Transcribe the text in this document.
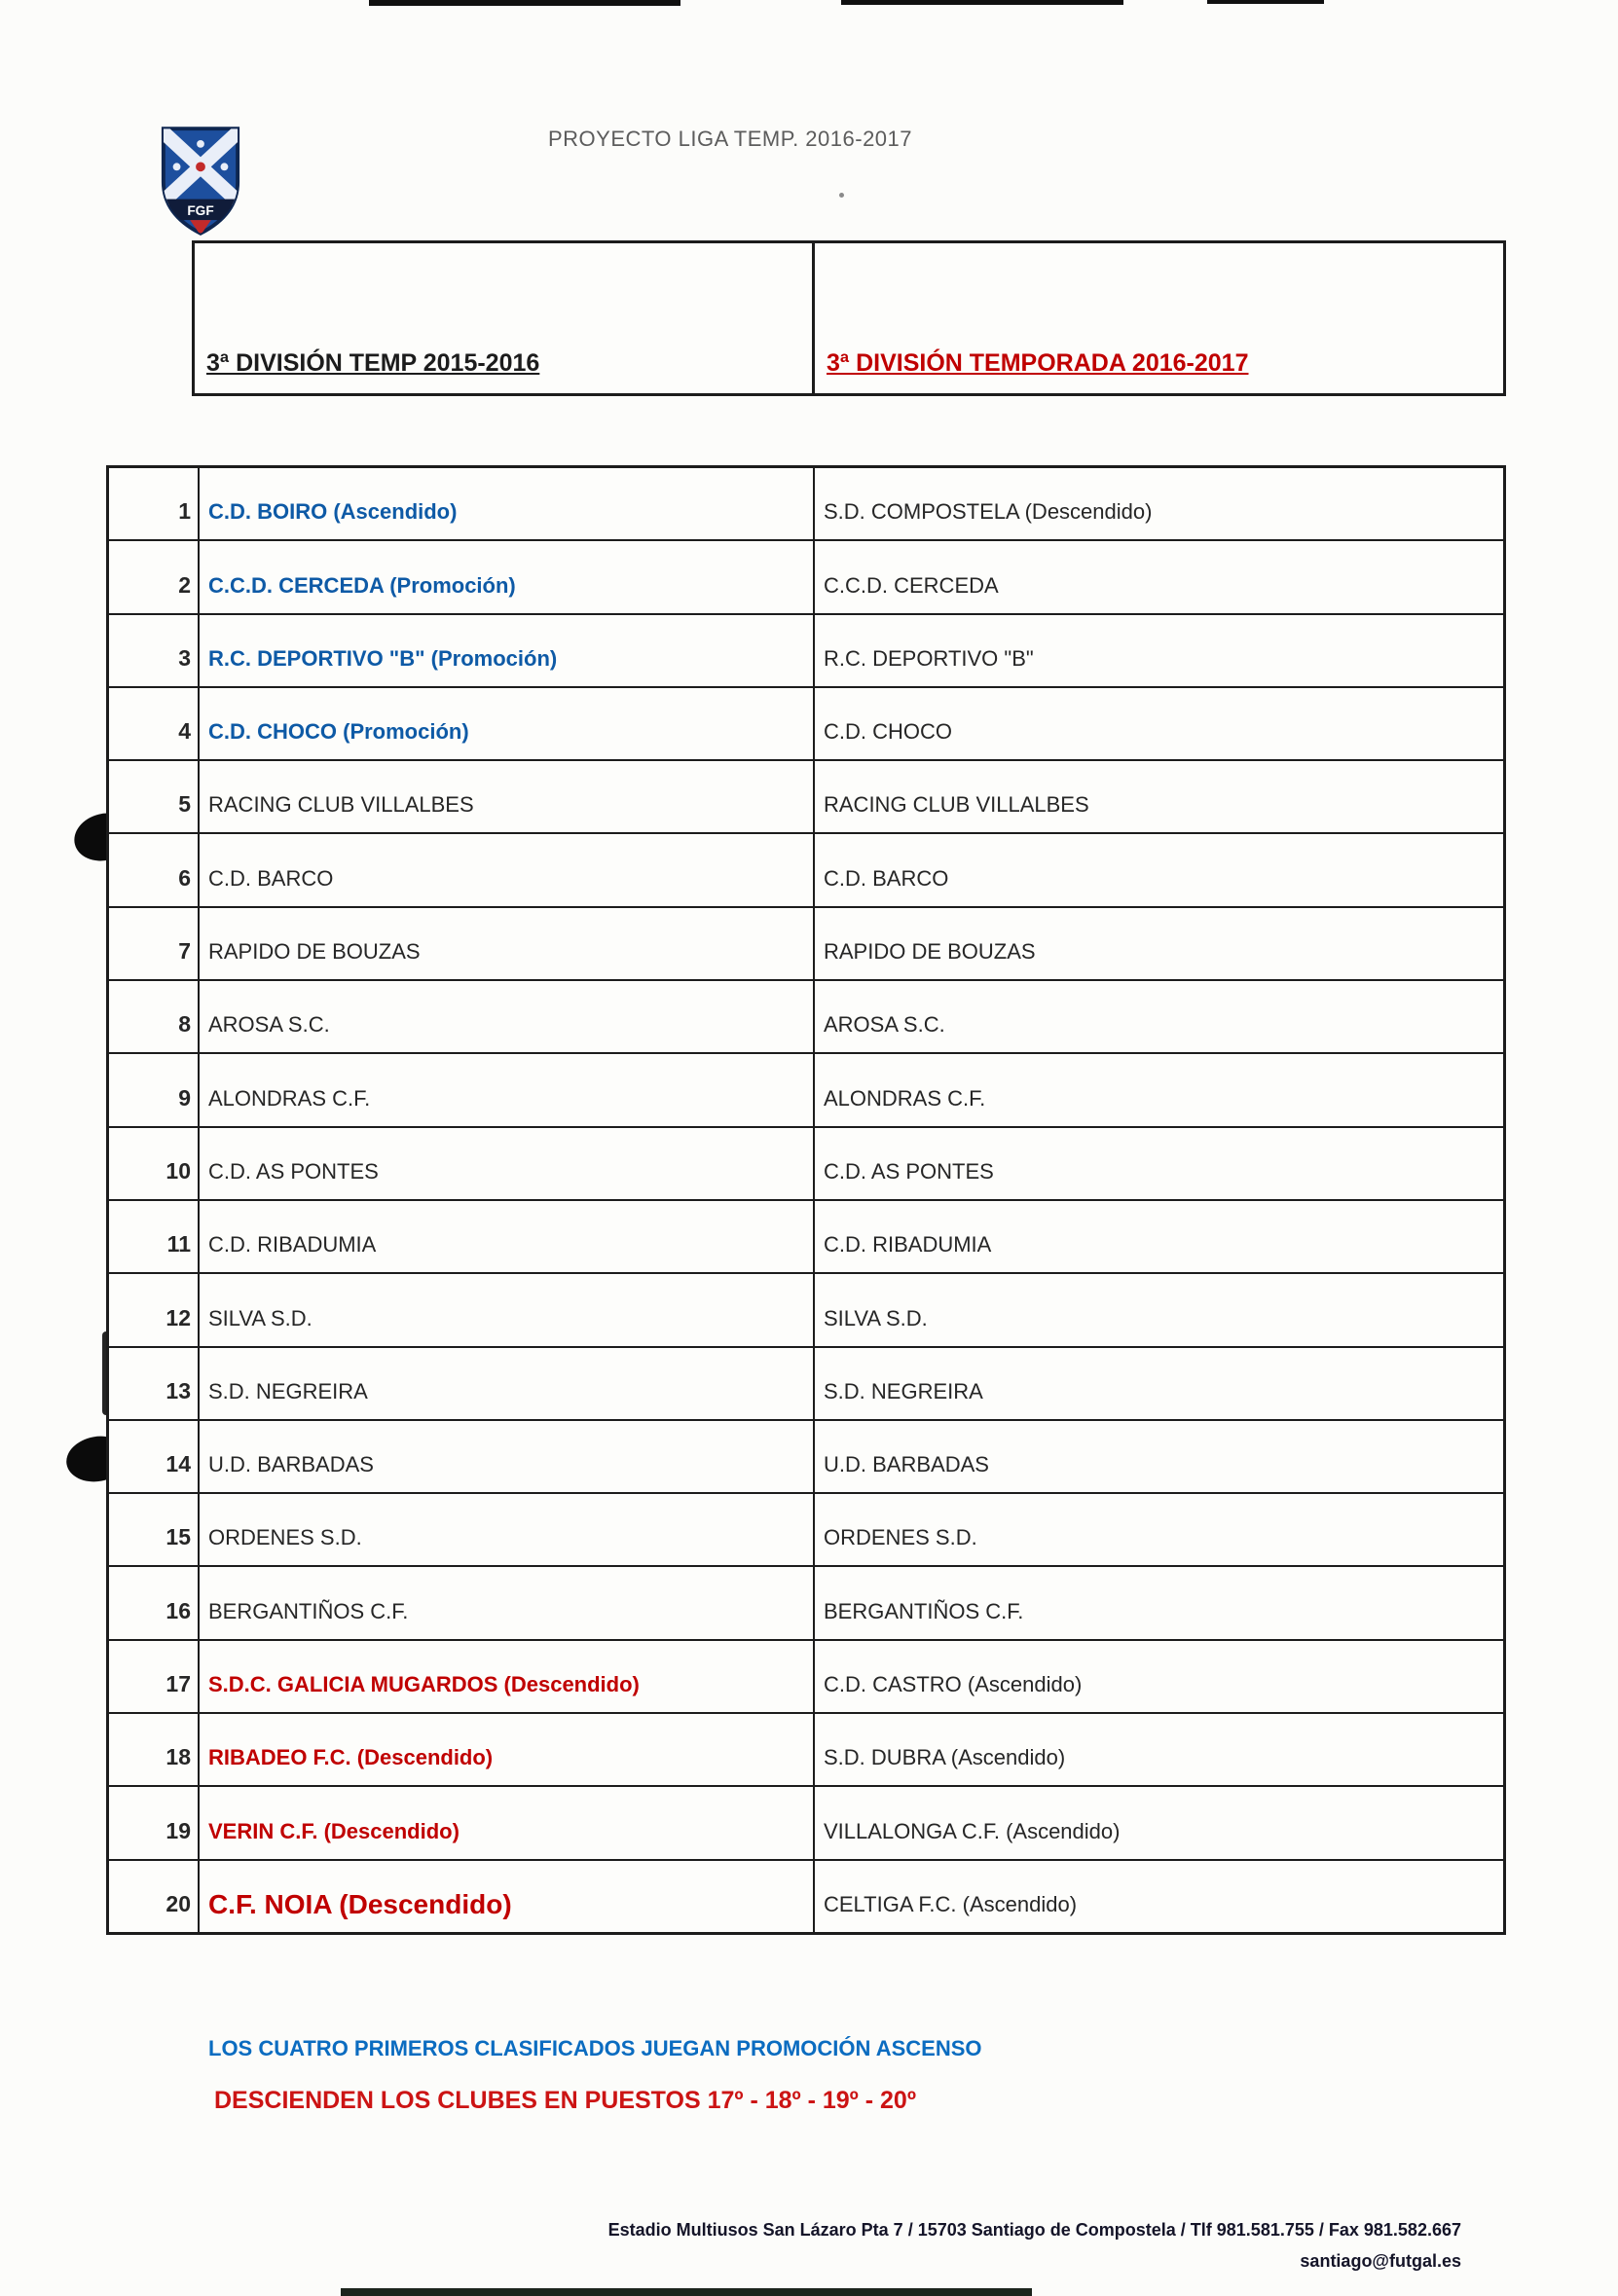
FGF
PROYECTO LIGA TEMP. 2016-2017
3ª DIVISIÓN TEMP 2015-2016	3ª DIVISIÓN TEMPORADA 2016-2017
1 C.D. BOIRO (Ascendido)	S.D. COMPOSTELA (Descendido)
2 C.C.D. CERCEDA (Promoción)	C.C.D. CERCEDA
3 R.C. DEPORTIVO "B" (Promoción)	R.C. DEPORTIVO "B"
4 C.D. CHOCO (Promoción)	C.D. CHOCO
5 RACING CLUB VILLALBES	RACING CLUB VILLALBES
6 C.D. BARCO	C.D. BARCO
7 RAPIDO DE BOUZAS	RAPIDO DE BOUZAS
8 AROSA S.C.	AROSA S.C.
9 ALONDRAS C.F.	ALONDRAS C.F.
10 C.D. AS PONTES	C.D. AS PONTES
11 C.D. RIBADUMIA	C.D. RIBADUMIA
12 SILVA S.D.	SILVA S.D.
13 S.D. NEGREIRA	S.D. NEGREIRA
14 U.D. BARBADAS	U.D. BARBADAS
15 ORDENES S.D.	ORDENES S.D.
16 BERGANTIÑOS C.F.	BERGANTIÑOS C.F.
17 S.D.C. GALICIA MUGARDOS (Descendido)	C.D. CASTRO (Ascendido)
18 RIBADEO F.C. (Descendido)	S.D. DUBRA (Ascendido)
19 VERIN C.F. (Descendido)	VILLALONGA C.F. (Ascendido)
20 C.F. NOIA (Descendido)	CELTIGA F.C. (Ascendido)
LOS CUATRO PRIMEROS CLASIFICADOS JUEGAN PROMOCIÓN ASCENSO
DESCIENDEN LOS CLUBES EN PUESTOS 17º - 18º - 19º - 20º
Estadio Multiusos San Lázaro Pta 7 / 15703 Santiago de Compostela / Tlf 981.581.755 / Fax 981.582.667
santiago@futgal.es
